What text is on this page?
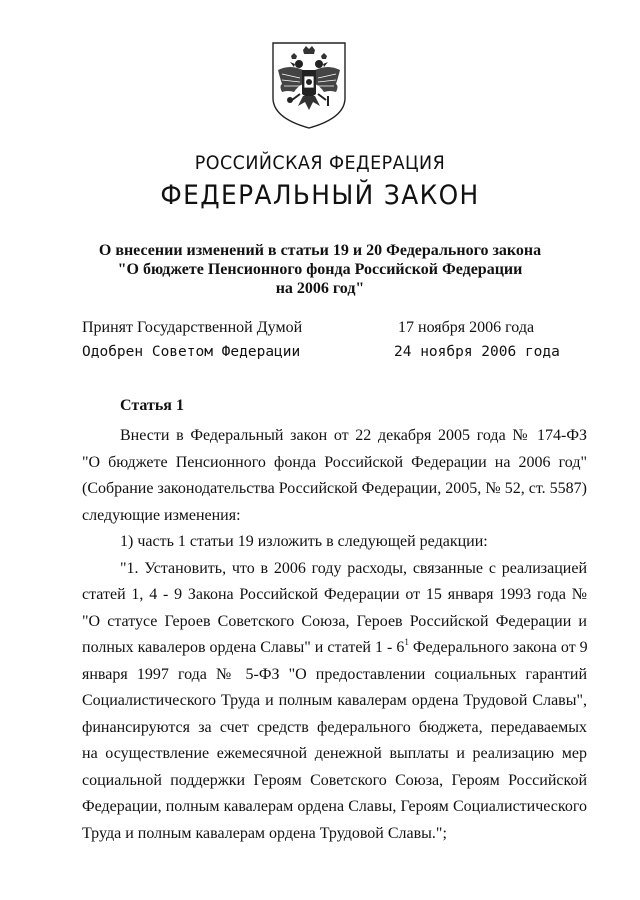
РОССИЙСКАЯ ФЕДЕРАЦИЯ
ФЕДЕРАЛЬНЫЙ ЗАКОН
О внесении изменений в статьи 19 и 20 Федерального закона
"О бюджете Пенсионного фонда Российской Федерации
на 2006 год"
Принят Государственной Думой	17 ноября 2006 года
Одобрен Советом Федерации	24 ноября 2006 года
Статья 1
Внести в Федеральный закон от 22 декабря 2005 года № 174-ФЗ
"О бюджете Пенсионного фонда Российской Федерации на 2006 год"
(Собрание законодательства Российской Федерации, 2005, № 52, ст. 5587)
следующие изменения:
1) часть 1 статьи 19 изложить в следующей редакции:
"1. Установить, что в 2006 году расходы, связанные с реализацией
статей 1, 4 - 9 Закона Российской Федерации от 15 января 1993 года №
"О статусе Героев Советского Союза, Героев Российской Федерации и
полных кавалеров ордена Славы" и статей $1 - 6^1$ Федерального закона от 9
января 1997 года № 5-ФЗ "О предоставлении социальных гарантий
Социалистического Труда и полным кавалерам ордена Трудовой Славы",
финансируются за счет средств федерального бюджета, передаваемых
на осуществление ежемесячной денежной выплаты и реализацию мер
социальной поддержки Героям Советского Союза, Героям Российской
Федерации, полным кавалерам ордена Славы, Героям Социалистического
Труда и полным кавалерам ордена Трудовой Славы.";
